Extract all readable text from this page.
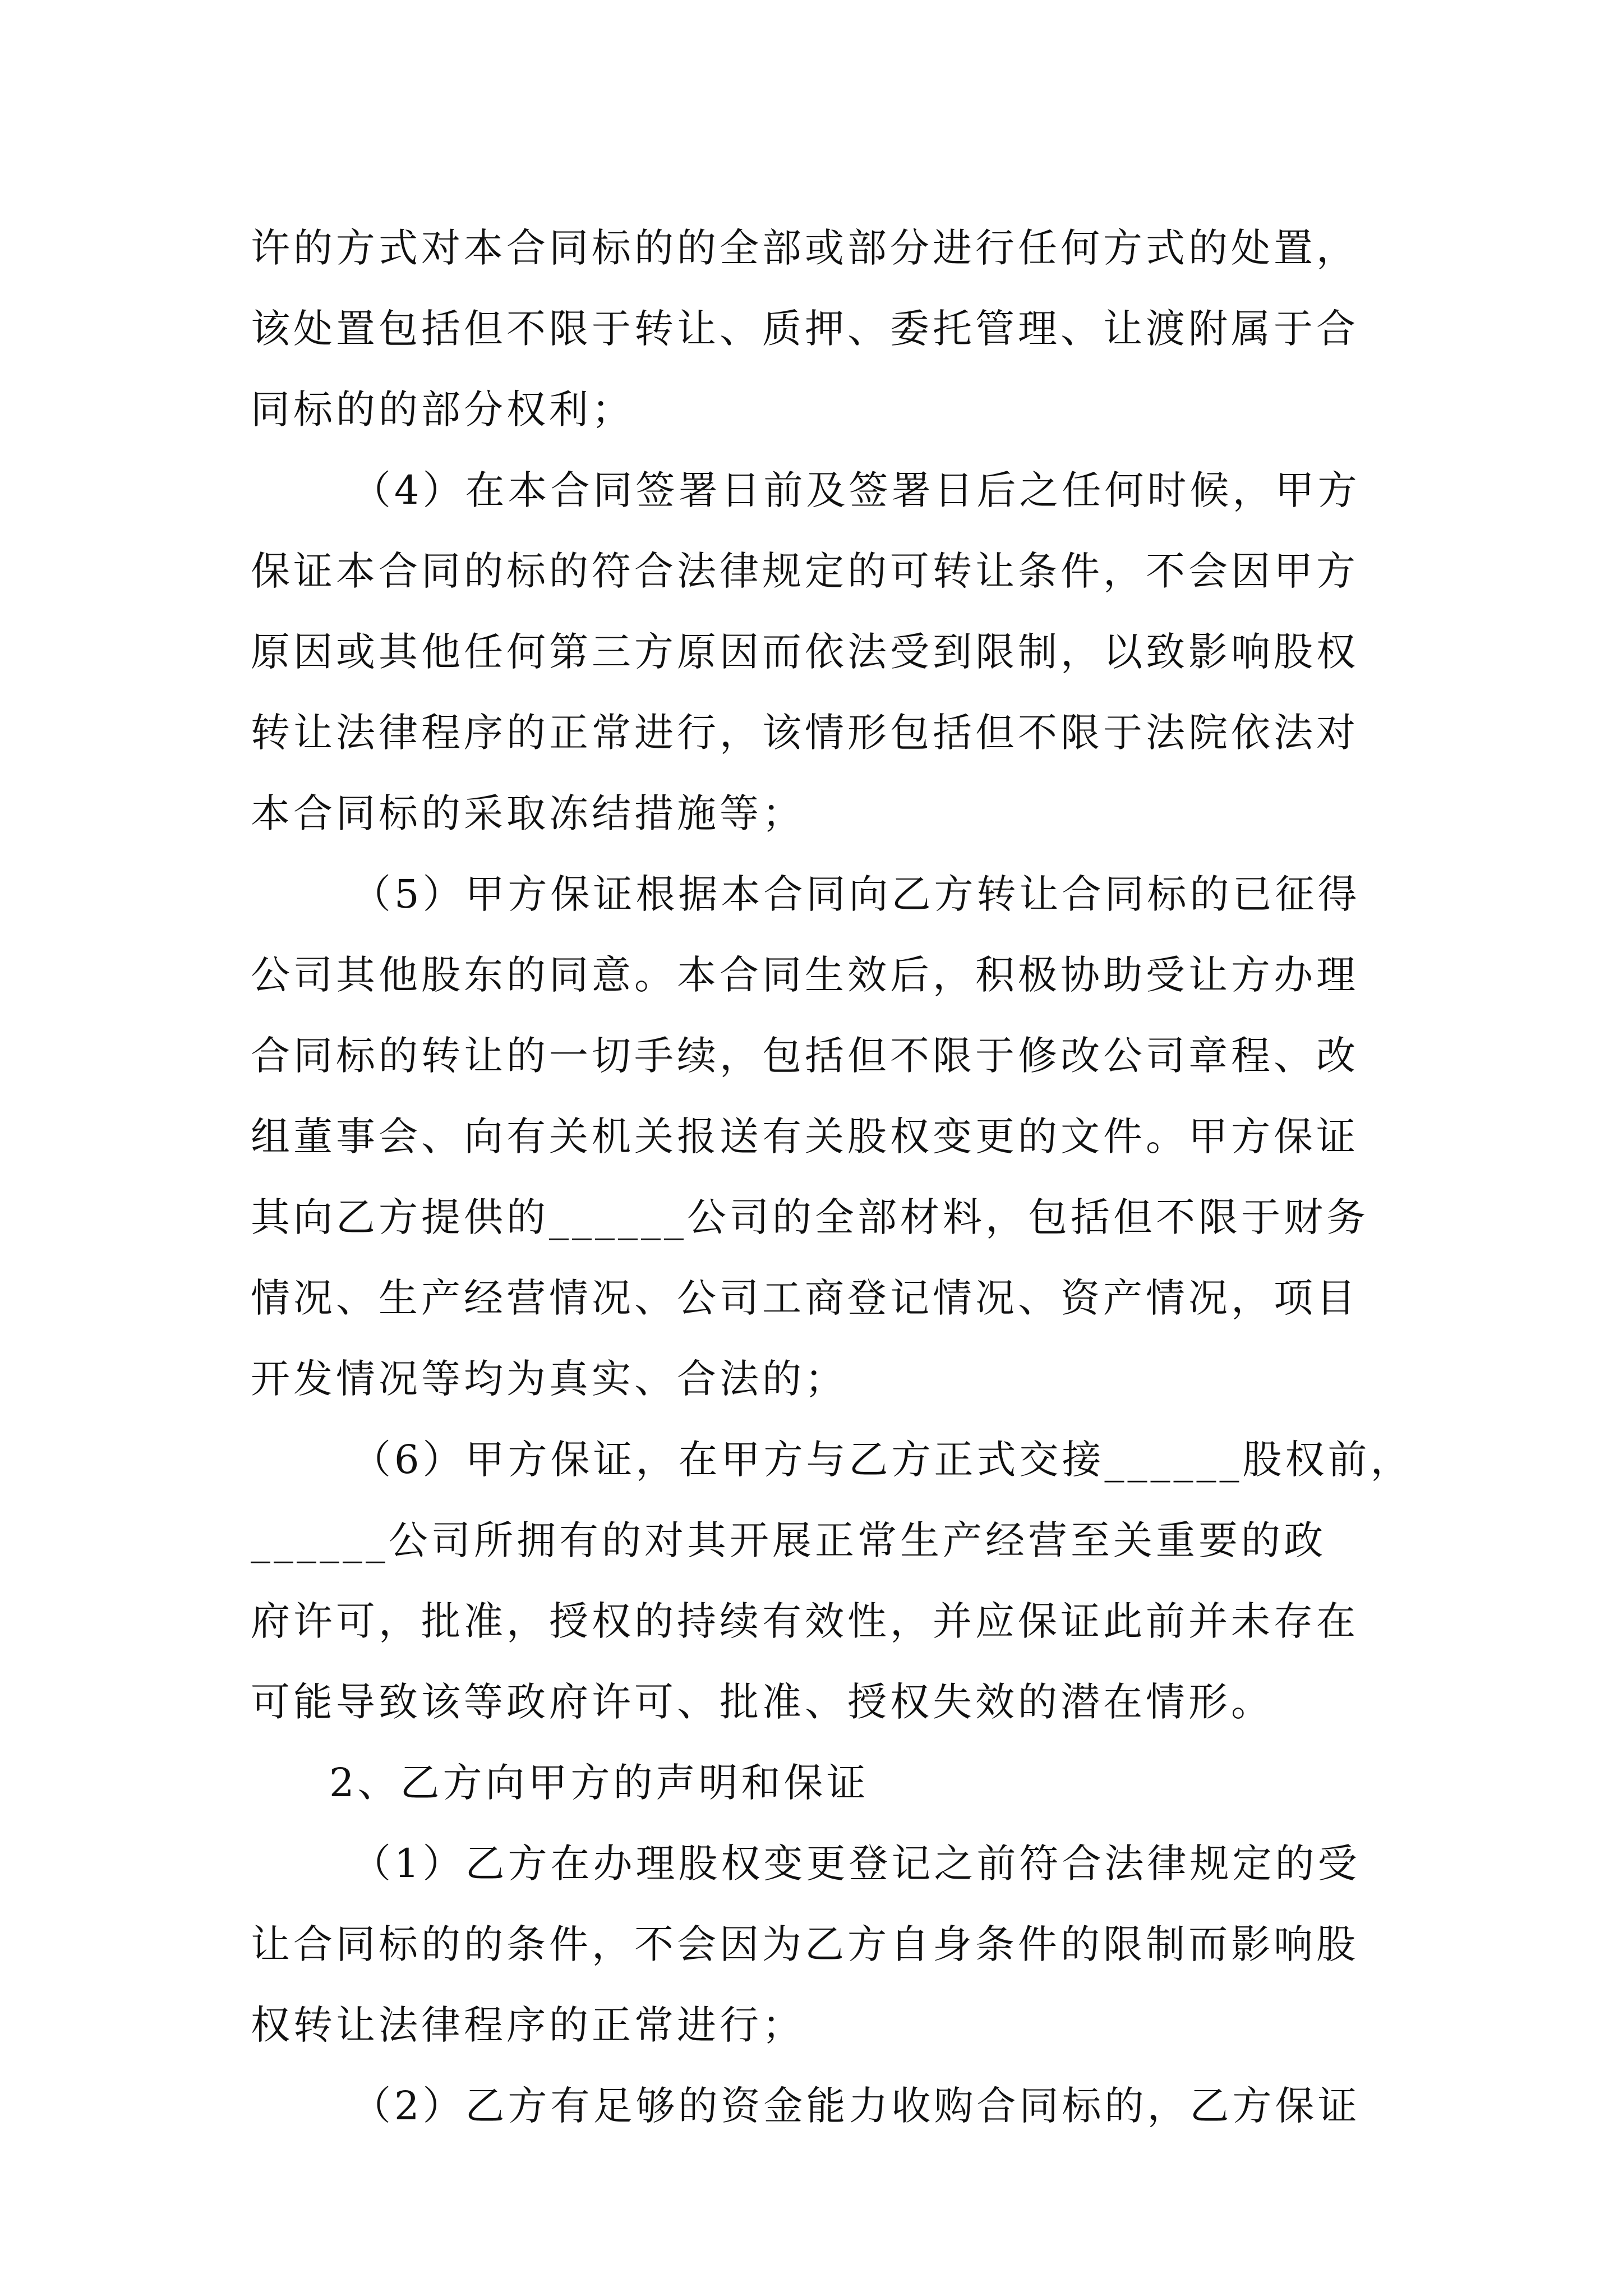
许的方式对本合同标的的全部或部分进行任何方式的处置，
该处置包括但不限于转让、质押、委托管理、让渡附属于合
同标的的部分权利；
（4）在本合同签署日前及签署日后之任何时候，甲方
保证本合同的标的符合法律规定的可转让条件，不会因甲方
原因或其他任何第三方原因而依法受到限制，以致影响股权
转让法律程序的正常进行，该情形包括但不限于法院依法对
本合同标的采取冻结措施等；
（5）甲方保证根据本合同向乙方转让合同标的已征得
公司其他股东的同意。本合同生效后，积极协助受让方办理
合同标的转让的一切手续，包括但不限于修改公司章程、改
组董事会、向有关机关报送有关股权变更的文件。甲方保证
其向乙方提供的______公司的全部材料，包括但不限于财务
情况、生产经营情况、公司工商登记情况、资产情况，项目
开发情况等均为真实、合法的；
（6）甲方保证，在甲方与乙方正式交接______股权前，
______公司所拥有的对其开展正常生产经营至关重要的政
府许可，批准，授权的持续有效性，并应保证此前并未存在
可能导致该等政府许可、批准、授权失效的潜在情形。
2、乙方向甲方的声明和保证
（1）乙方在办理股权变更登记之前符合法律规定的受
让合同标的的条件，不会因为乙方自身条件的限制而影响股
权转让法律程序的正常进行；
（2）乙方有足够的资金能力收购合同标的，乙方保证
